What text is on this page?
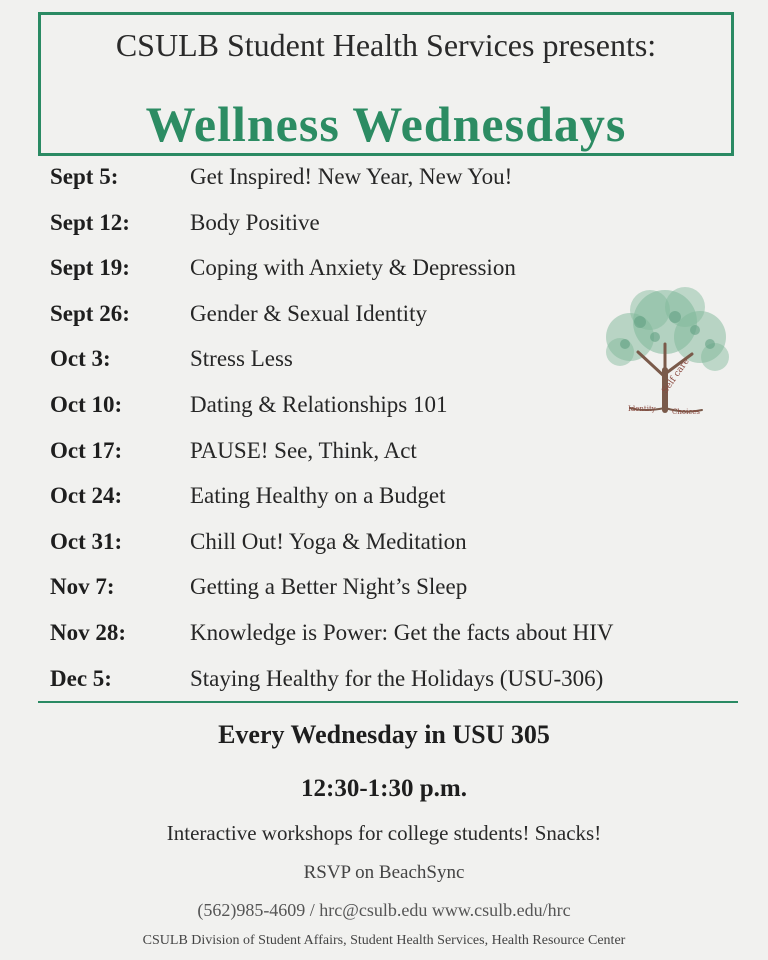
CSULB Student Health Services presents:
Wellness Wednesdays
Sept 5:	Get Inspired! New Year, New You!
Sept 12:	Body Positive
Sept 19:	Coping with Anxiety & Depression
Sept 26:	Gender & Sexual Identity
Oct 3:	Stress Less
Oct 10:	Dating & Relationships 101
Oct 17:	PAUSE! See, Think, Act
Oct 24:	Eating Healthy on a Budget
Oct 31:	Chill Out! Yoga & Meditation
Nov 7:	Getting a Better Night’s Sleep
Nov 28:	Knowledge is Power: Get the facts about HIV
Dec 5:	Staying Healthy for the Holidays (USU-306)
Self care
Identity Choices
Every Wednesday in USU 305
12:30-1:30 p.m.
Interactive workshops for college students! Snacks!
RSVP on BeachSync
(562)985-4609 / hrc@csulb.edu www.csulb.edu/hrc
CSULB Division of Student Affairs, Student Health Services, Health Resource Center
